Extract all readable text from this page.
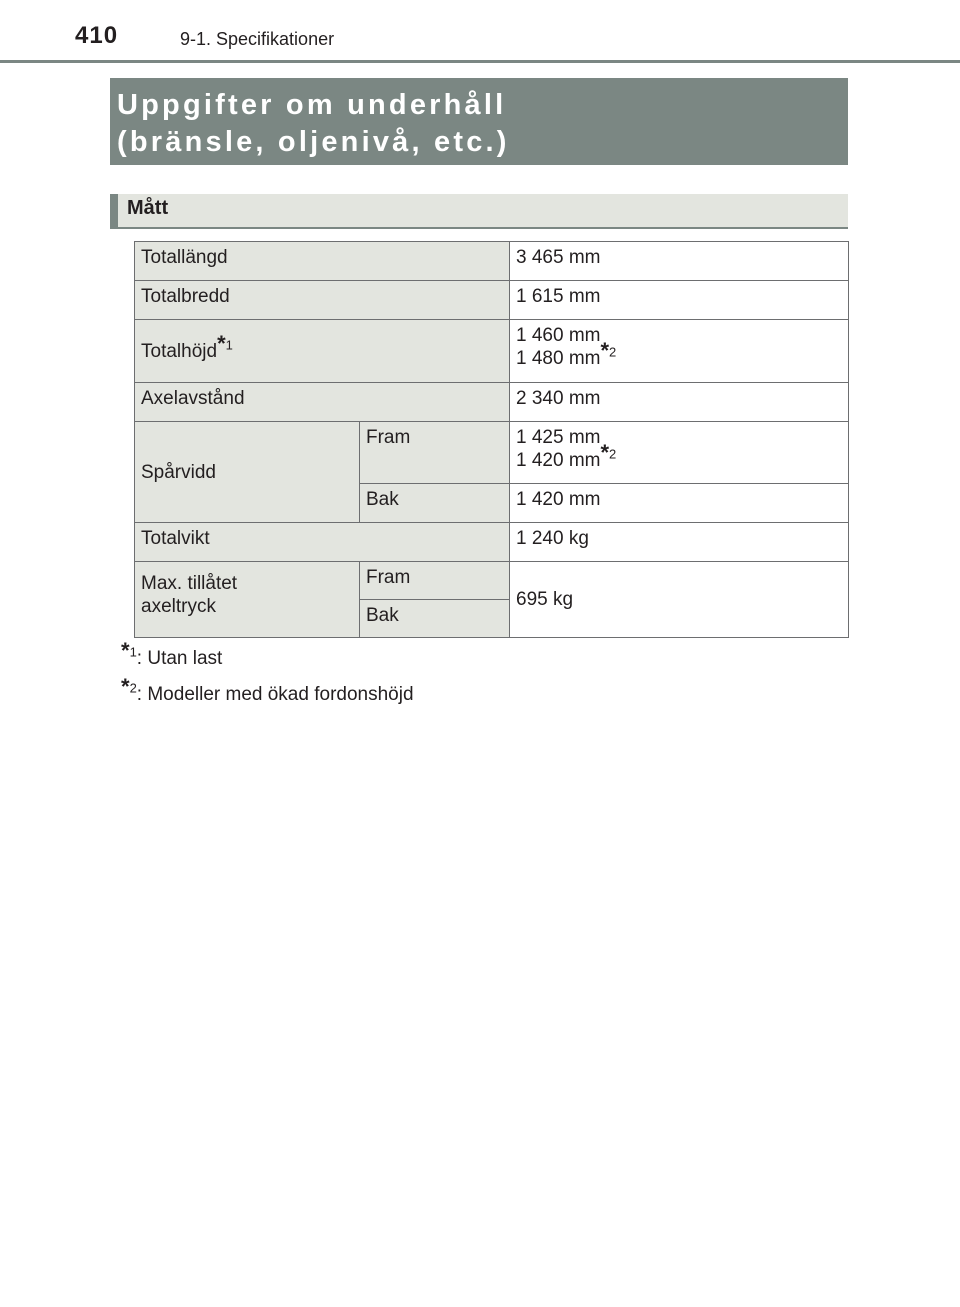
410	9-1. Specifikationer
Uppgifter om underhåll
(bränsle, oljenivå, etc.)
Mått
Totallängd		3 465 mm
Totalbredd		1 615 mm
Totalhöjd*$^1$		1 460 mm
1 480 mm*$^2$

Axelavstånd		2 340 mm
Spårvidd	Fram	1 425 mm
1 420 mm*$^2$

	Bak	1 420 mm
Totalvikt		1 240 kg

Max. tillåtet
axeltryck	Fram	695 kg
	Bak	
*$^1$: Utan last
*$^2$: Modeller med ökad fordonshöjd
